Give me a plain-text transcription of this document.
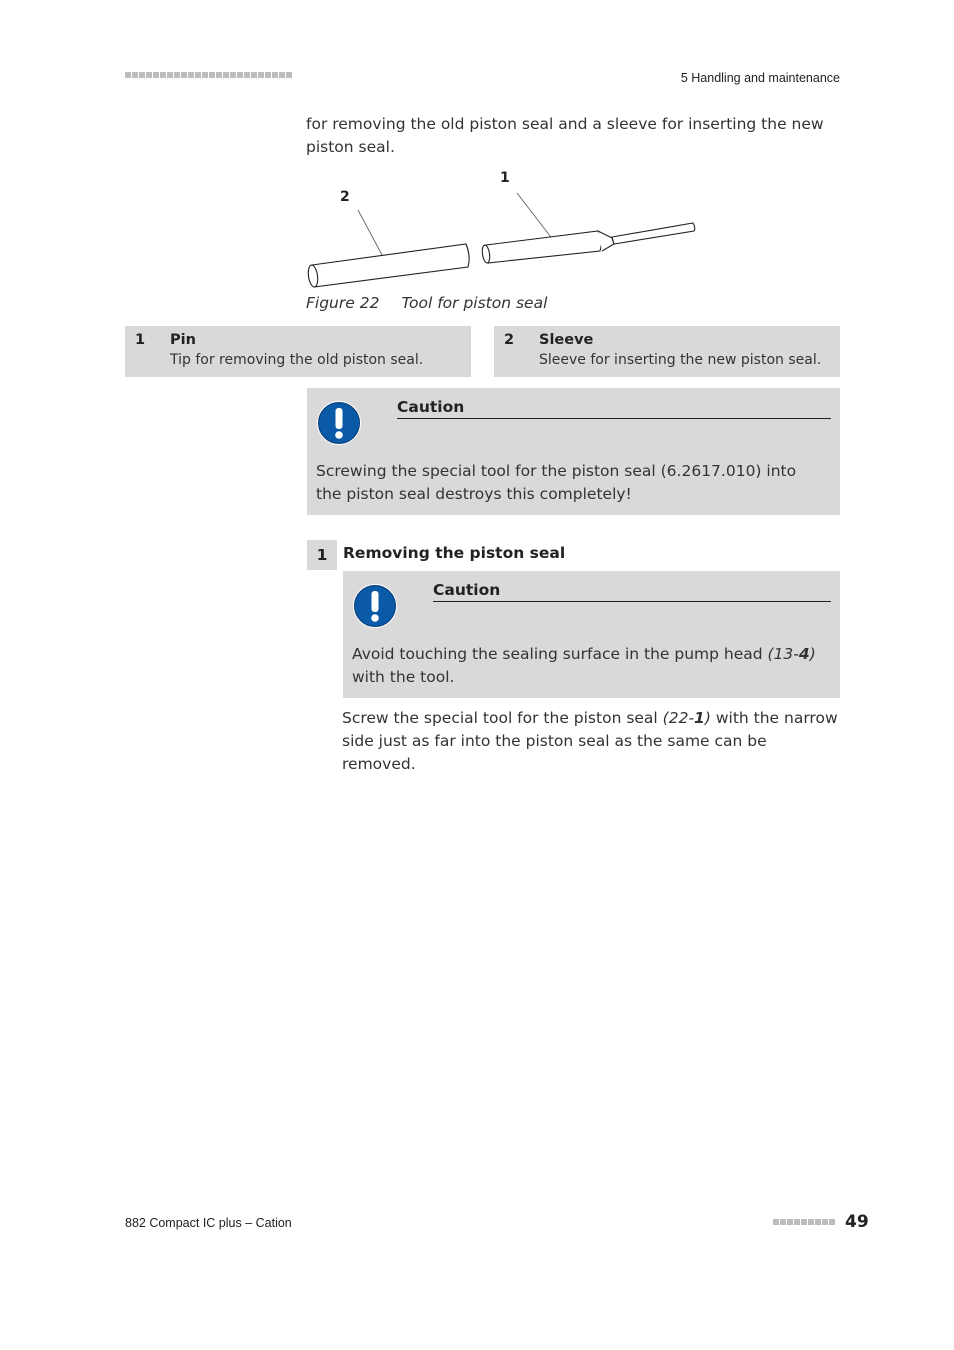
5 Handling and maintenance
for removing the old piston seal and a sleeve for inserting the new piston seal.
2
1
Figure 22 Tool for piston seal
1 Pin
Tip for removing the old piston seal.
2 Sleeve
Sleeve for inserting the new piston seal.
Caution
Screwing the special tool for the piston seal (6.2617.010) into the piston seal destroys this completely!
1	Removing the piston seal
Caution
Avoid touching the sealing surface in the pump head (13-4) with the tool.
Screw the special tool for the piston seal (22-1) with the narrow side just as far into the piston seal as the same can be removed.
882 Compact IC plus – Cation	49
